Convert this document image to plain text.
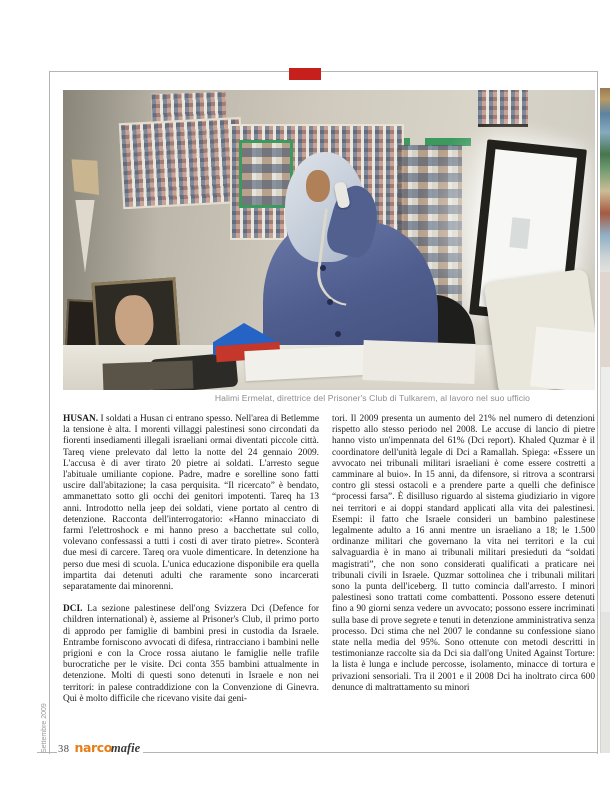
Halimi Ermelat, direttrice del Prisoner's Club di Tulkarem, al lavoro nel suo ufficio

HUSAN. I soldati a Husan ci entrano spesso. Nell'area di Betlemme la tensione è alta. I morenti villaggi palestinesi sono circondati da fiorenti insediamenti illegali israeliani ormai diventati piccole città. Tareq viene prelevato dal letto la notte del 24 gennaio 2009. L'accusa è di aver tirato 20 pietre ai soldati. L'arresto segue l'abituale umiliante copione. Padre, madre e sorelline sono fatti uscire dall'abitazione; la casa perquisita. “Il ricercato” è bendato, ammanettato sotto gli occhi dei genitori impotenti. Tareq ha 13 anni. Introdotto nella jeep dei soldati, viene portato al centro di detenzione. Racconta dell'interrogatorio: «Hanno minacciato di farmi l'elettroshock e mi hanno preso a bacchettate sul collo, volevano confessassi a tutti i costi di aver tirato pietre». Sconterà due mesi di carcere. Tareq ora vuole dimenticare. In detenzione ha perso due mesi di scuola. L'unica educazione disponibile era quella impartita dai detenuti adulti che raramente sono incarcerati separatamente dai minorenni.

DCI. La sezione palestinese dell'ong Svizzera Dci (Defence for children international) è, assieme al Prisoner's Club, il primo porto di approdo per famiglie di bambini presi in custodia da Israele. Entrambe forniscono avvocati di difesa, rintracciano i bambini nelle prigioni e con la Croce rossa aiutano le famiglie nelle trafile burocratiche per le visite. Dci conta 355 bambini attualmente in detenzione. Molti di questi sono detenuti in Israele e non nei territori: in palese contraddizione con la Convenzione di Ginevra. Qui è molto difficile che ricevano visite dai geni-

tori. Il 2009 presenta un aumento del 21% nel numero di detenzioni rispetto allo stesso periodo nel 2008. Le accuse di lancio di pietre hanno visto un'impennata del 61% (Dci report). Khaled Quzmar è il coordinatore dell'unità legale di Dci a Ramallah. Spiega: «Essere un avvocato nei tribunali militari israeliani è come essere costretti a camminare al buio». In 15 anni, da difensore, si ritrova a scontrarsi contro gli stessi ostacoli e a prendere parte a quelli che definisce “processi farsa”. È disilluso riguardo al sistema giudiziario in vigore nei territori e ai doppi standard applicati alla vita dei palestinesi. Esempi: il fatto che Israele consideri un bambino palestinese legalmente adulto a 16 anni mentre un israeliano a 18; le 1.500 ordinanze militari che governano la vita nei territori e la cui salvaguardia è in mano ai tribunali militari presieduti da “soldati magistrati”, che non sono considerati qualificati a praticare nei tribunali civili in Israele. Quzmar sottolinea che i tribunali militari sono la punta dell'iceberg. Il tutto comincia dall'arresto. I minori palestinesi sono trattati come combattenti. Possono essere detenuti fino a 90 giorni senza vedere un avvocato; possono essere incriminati sulla base di prove segrete e tenuti in detenzione amministrativa senza processo. Dci stima che nel 2007 le condanne su confessione siano state nella media del 95%. Sono ottenute con metodi descritti in testimonianze raccolte sia da Dci sia dall'ong United Against Torture: la lista è lunga e include percosse, isolamento, minacce di tortura e privazioni sensoriali. Tra il 2001 e il 2008 Dci ha inoltrato circa 600 denunce di maltrattamento su minori

Settembre 2009 38 narco mafie
